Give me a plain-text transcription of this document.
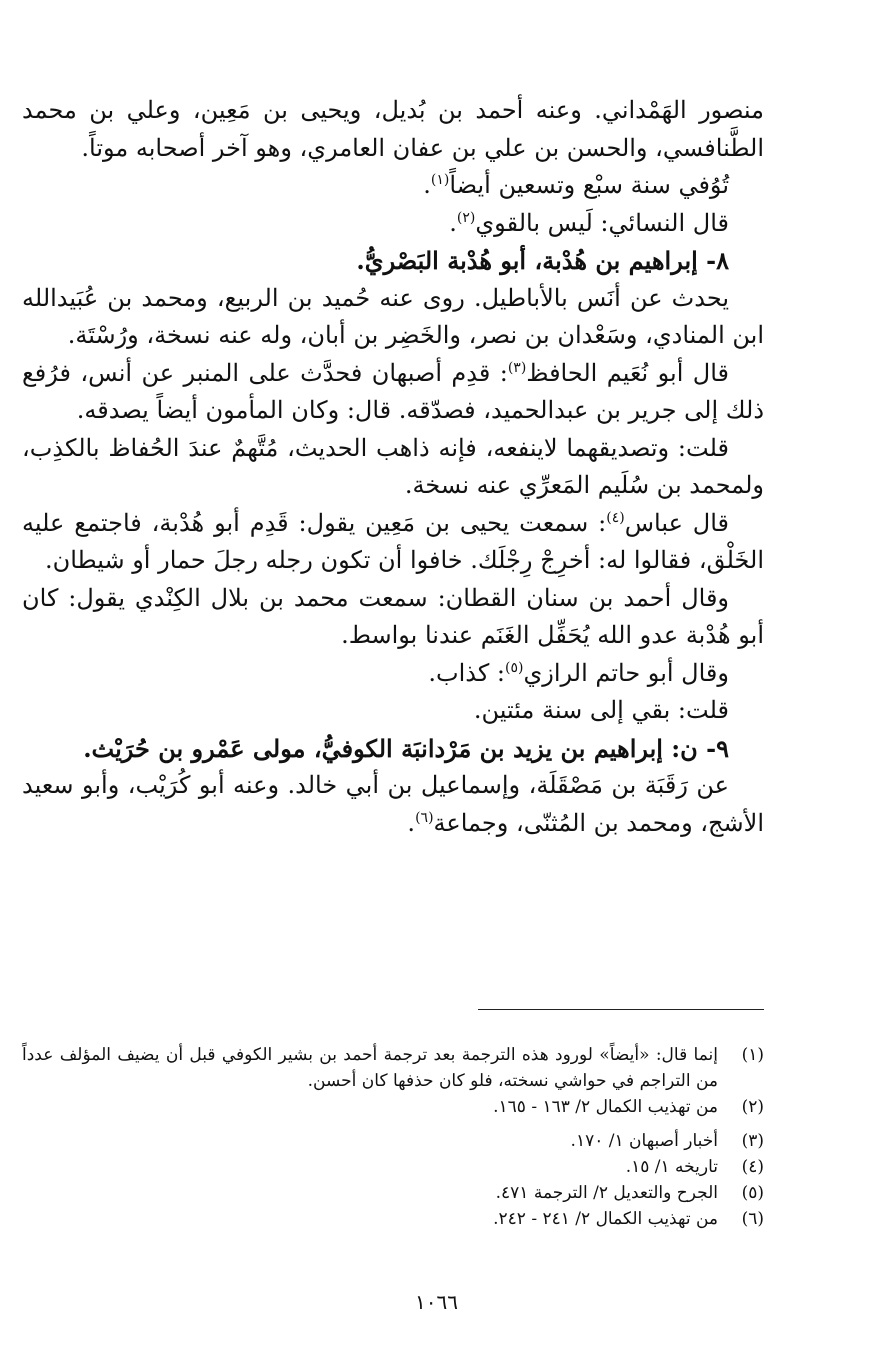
منصور الهَمْداني. وعنه أحمد بن بُديل، ويحيى بن مَعِين، وعلي بن محمد الطَّنافسي، والحسن بن علي بن عفان العامري، وهو آخر أصحابه موتاً.

تُوُفي سنة سبْع وتسعين أيضاً$^{(١)}$.

قال النسائي: لَيس بالقوي$^{(٢)}$.

٨- إبراهيم بن هُدْبة، أبو هُدْبة البَصْريُّ.

يحدث عن أنَس بالأباطيل. روى عنه حُميد بن الربيع، ومحمد بن عُبَيدالله ابن المنادي، وسَعْدان بن نصر، والخَضِر بن أبان، وله عنه نسخة، ورُسْتَة.

قال أبو نُعَيم الحافظ$^{(٣)}$: قدِم أصبهان فحدَّث على المنبر عن أنس، فرُفع ذلك إلى جرير بن عبدالحميد، فصدّقه. قال: وكان المأمون أيضاً يصدقه.

قلت: وتصديقهما لاينفعه، فإنه ذاهب الحديث، مُتَّهمٌ عندَ الحُفاظ بالكذِب، ولمحمد بن سُلَيم المَعرِّي عنه نسخة.

قال عباس$^{(٤)}$: سمعت يحيى بن مَعِين يقول: قَدِم أبو هُدْبة، فاجتمع عليه الخَلْق، فقالوا له: أخرِجْ رِجْلَك. خافوا أن تكون رجله رجلَ حمار أو شيطان.

وقال أحمد بن سنان القطان: سمعت محمد بن بلال الكِنْدي يقول: كان أبو هُدْبة عدو الله يُحَفِّل الغَنَم عندنا بواسط.

وقال أبو حاتم الرازي$^{(٥)}$: كذاب.

قلت: بقي إلى سنة مئتين.

٩- ن: إبراهيم بن يزيد بن مَرْدانبَة الكوفيُّ، مولى عَمْرو بن حُرَيْث.

عن رَقَبَة بن مَصْقَلَة، وإسماعيل بن أبي خالد. وعنه أبو كُرَيْب، وأبو سعيد الأشج، ومحمد بن المُثنّى، وجماعة$^{(٦)}$.

(١)
إنما قال: «أيضاً» لورود هذه الترجمة بعد ترجمة أحمد بن بشير الكوفي قبل أن يضيف المؤلف عدداً من التراجم في حواشي نسخته، فلو كان حذفها كان أحسن.
(٢)
من تهذيب الكمال ٢/ ١٦٣ - ١٦٥.
(٣)
أخبار أصبهان ١/ ١٧٠.
(٤)
تاريخه ١/ ١٥.
(٥)
الجرح والتعديل ٢/ الترجمة ٤٧١.
(٦)
من تهذيب الكمال ٢/ ٢٤١ - ٢٤٢.
١٠٦٦
